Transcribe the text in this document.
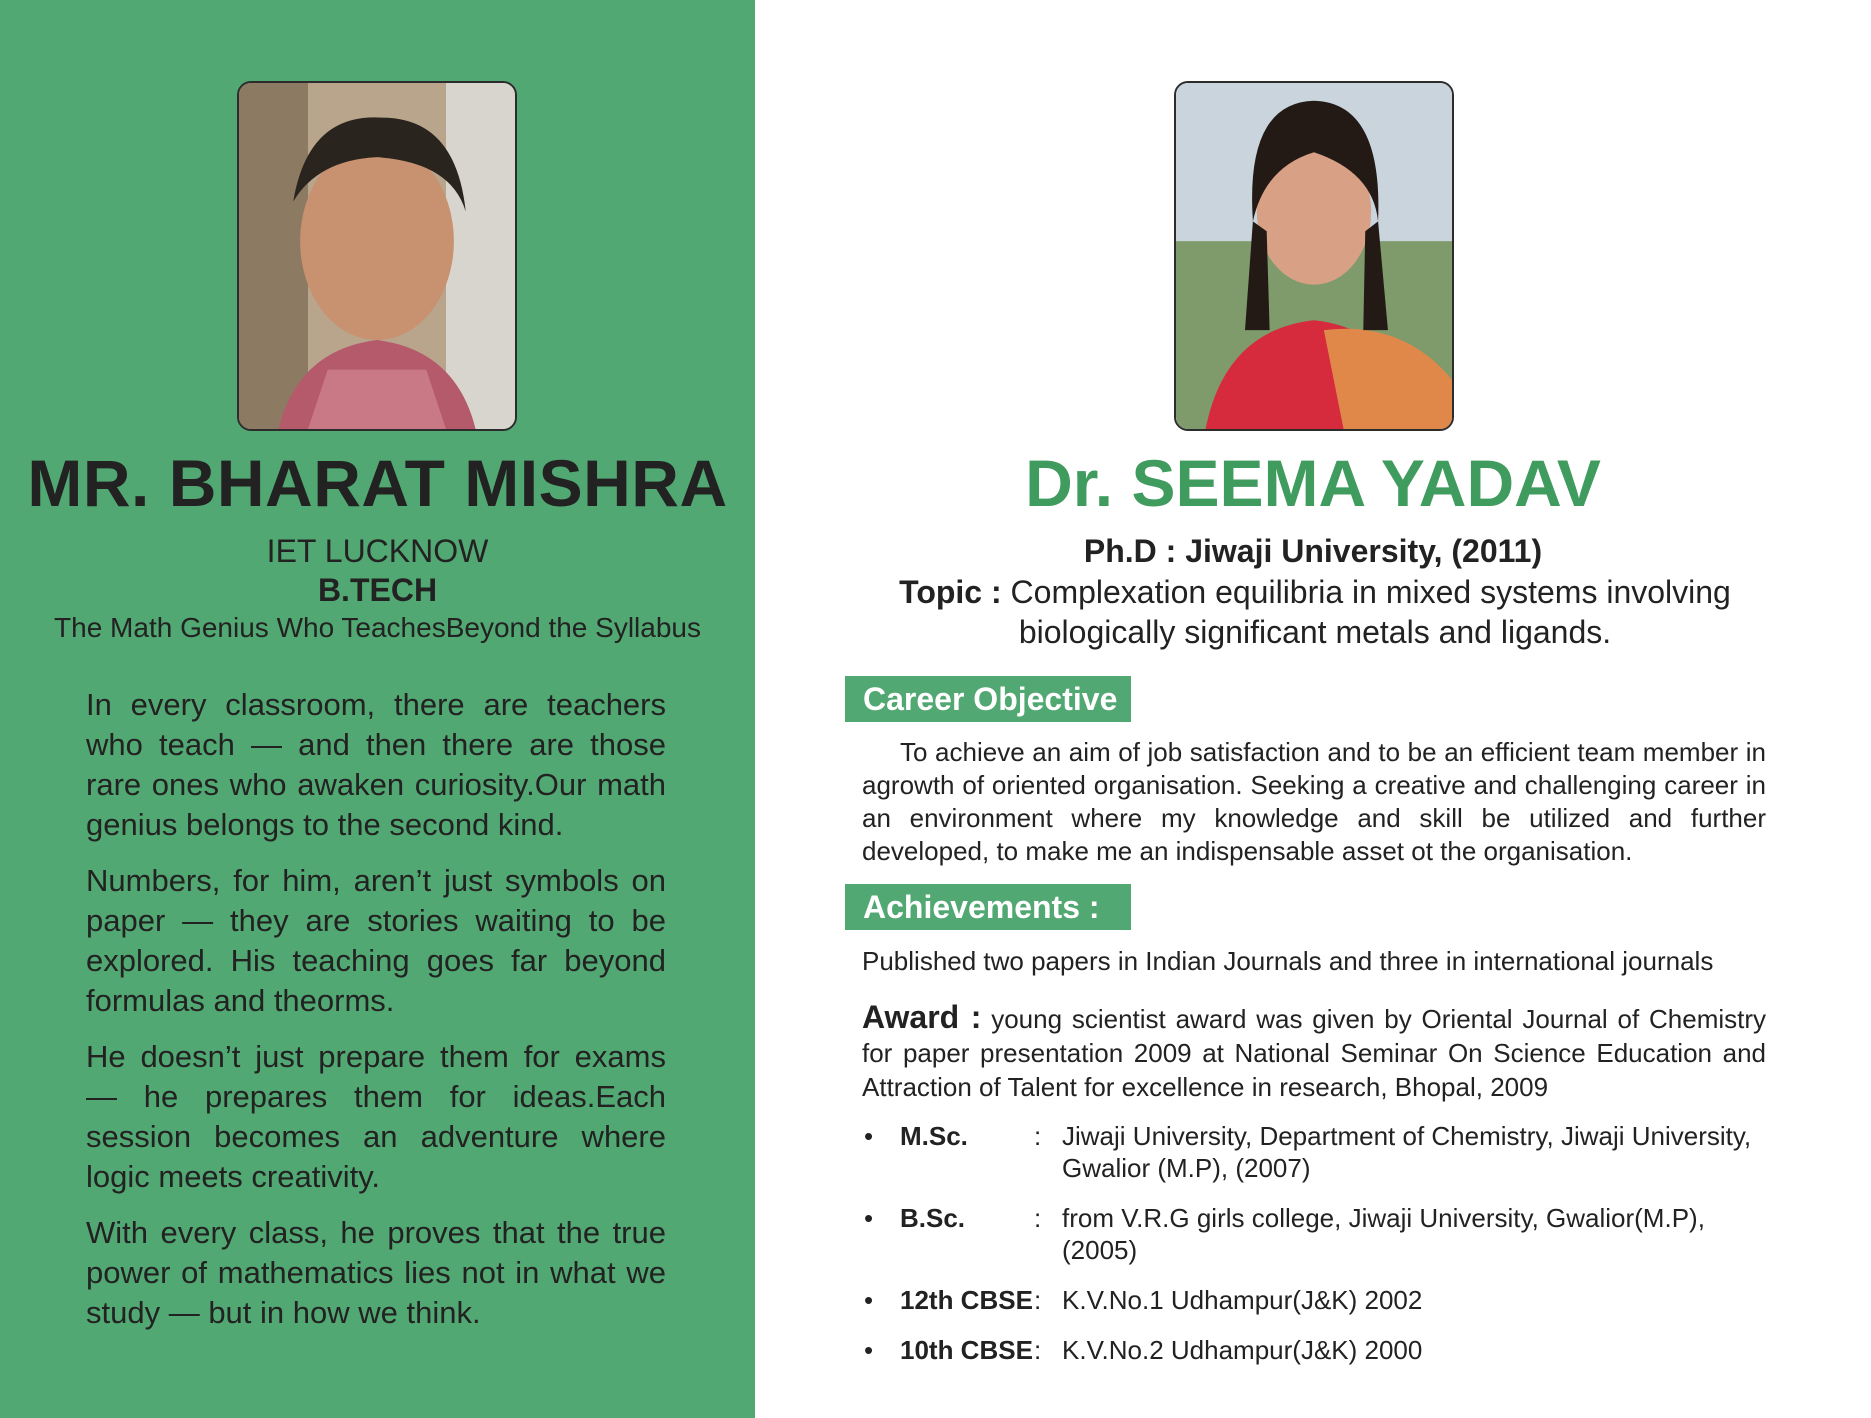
MR. BHARAT MISHRA
IET LUCKNOW
B.TECH
The Math Genius Who TeachesBeyond the Syllabus

In every classroom, there are teachers who teach — and then there are those rare ones who awaken curiosity.Our math genius belongs to the second kind.

Numbers, for him, aren’t just symbols on paper — they are stories waiting to be explored. His teaching goes far beyond formulas and theorms.

He doesn’t just prepare them for exams — he prepares them for ideas.Each session becomes an adventure where logic meets creativity.

With every class, he proves that the true power of mathematics lies not in what we study — but in how we think.

Dr. SEEMA YADAV
Ph.D : Jiwaji University, (2011)
Topic : Complexation equilibria in mixed systems involving biologically significant metals and ligands.
Career Objective :	To achieve an aim of job satisfaction and to be an efficient team member in agrowth of oriented organisation. Seeking a creative and challenging career in an environment where my knowledge and skill be utilized and further developed, to make me an indispensable asset ot the organisation.

Achievements :

Published two papers in Indian Journals and three in international journals

Award : young scientist award was given by Oriental Journal of Chemistry for paper presentation 2009 at National Seminar On Science Education and Attraction of Talent for excellence in research, Bhopal, 2009

• M.Sc.	: Jiwaji University, Department of Chemistry, Jiwaji University, Gwalior (M.P), (2007)
• B.Sc.	: from V.R.G girls college, Jiwaji University, Gwalior(M.P), (2005)
• 12th CBSE : K.V.No.1 Udhampur(J&K) 2002
• 10th CBSE : K.V.No.2 Udhampur(J&K) 2000
